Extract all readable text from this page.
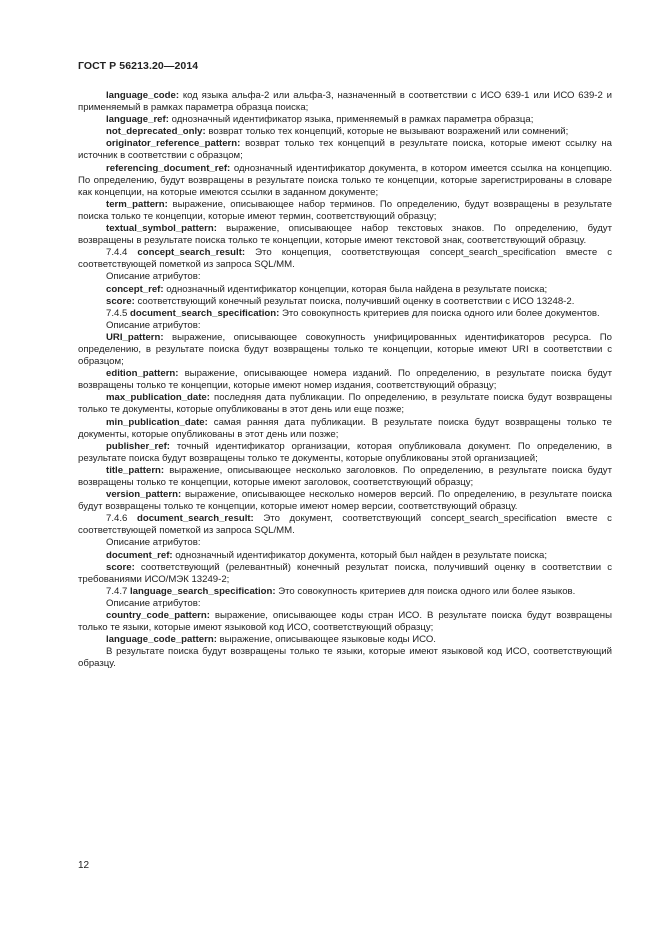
ГОСТ Р 56213.20—2014

language_code: код языка альфа-2 или альфа-3, назначенный в соответствии с ИСО 639-1 или ИСО 639-2 и применяемый в рамках параметра образца поиска;

language_ref: однозначный идентификатор языка, применяемый в рамках параметра образца;

not_deprecated_only: возврат только тех концепций, которые не вызывают возражений или сомнений;

originator_reference_pattern: возврат только тех концепций в результате поиска, которые имеют ссылку на источник в соответствии с образцом;

referencing_document_ref: однозначный идентификатор документа, в котором имеется ссылка на концепцию. По определению, будут возвращены в результате поиска только те концепции, которые зарегистрированы в словаре как концепции, на которые имеются ссылки в заданном документе;

term_pattern: выражение, описывающее набор терминов. По определению, будут возвращены в результате поиска только те концепции, которые имеют термин, соответствующий образцу;

textual_symbol_pattern: выражение, описывающее набор текстовых знаков. По определению, будут возвращены в результате поиска только те концепции, которые имеют текстовой знак, соответствующий образцу.

7.4.4 concept_search_result: Это концепция, соответствующая concept_search_specification вместе с соответствующей пометкой из запроса SQL/MM.

Описание атрибутов:

concept_ref: однозначный идентификатор концепции, которая была найдена в результате поиска;

score: соответствующий конечный результат поиска, получивший оценку в соответствии с ИСО 13248-2.

7.4.5 document_search_specification: Это совокупность критериев для поиска одного или более документов.

Описание атрибутов:

URI_pattern: выражение, описывающее совокупность унифицированных идентификаторов ресурса. По определению, в результате поиска будут возвращены только те концепции, которые имеют URI в соответствии с образцом;

edition_pattern: выражение, описывающее номера изданий. По определению, в результате поиска будут возвращены только те концепции, которые имеют номер издания, соответствующий образцу;

max_publication_date: последняя дата публикации. По определению, в результате поиска будут возвращены только те документы, которые опубликованы в этот день или еще позже;

min_publication_date: самая ранняя дата публикации. В результате поиска будут возвращены только те документы, которые опубликованы в этот день или позже;

publisher_ref: точный идентификатор организации, которая опубликовала документ. По определению, в результате поиска будут возвращены только те документы, которые опубликованы этой организацией;

title_pattern: выражение, описывающее несколько заголовков. По определению, в результате поиска будут возвращены только те концепции, которые имеют заголовок, соответствующий образцу;

version_pattern: выражение, описывающее несколько номеров версий. По определению, в результате поиска будут возвращены только те концепции, которые имеют номер версии, соответствующий образцу.

7.4.6 document_search_result: Это документ, соответствующий concept_search_specification вместе с соответствующей пометкой из запроса SQL/MM.

Описание атрибутов:

document_ref: однозначный идентификатор документа, который был найден в результате поиска;

score: соответствующий (релевантный) конечный результат поиска, получивший оценку в соответствии с требованиями ИСО/МЭК 13249-2;

7.4.7 language_search_specification: Это совокупность критериев для поиска одного или более языков.

Описание атрибутов:

country_code_pattern: выражение, описывающее коды стран ИСО. В результате поиска будут возвращены только те языки, которые имеют языковой код ИСО, соответствующий образцу;

language_code_pattern: выражение, описывающее языковые коды ИСО.

В результате поиска будут возвращены только те языки, которые имеют языковой код ИСО, соответствующий образцу.

12
